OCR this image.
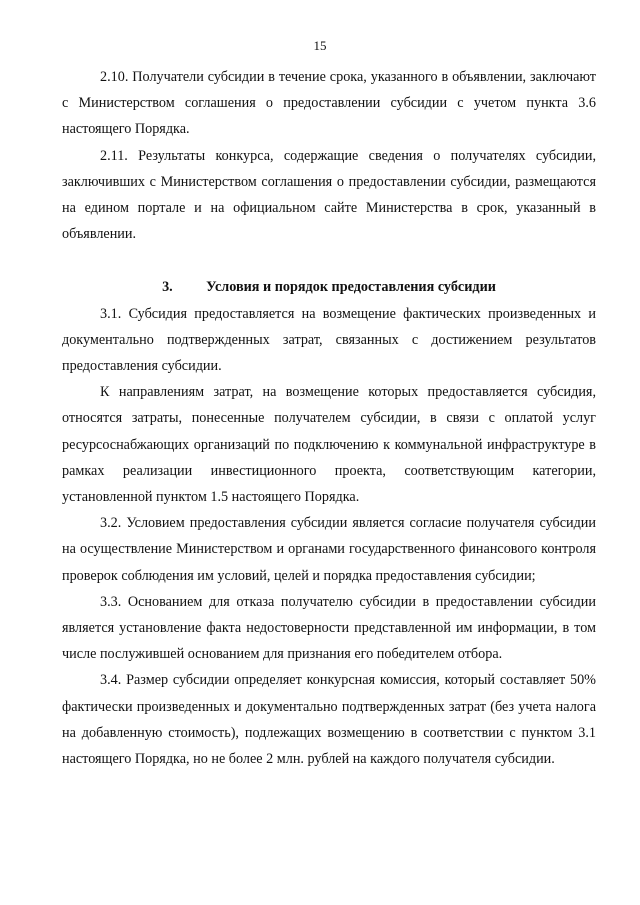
15

2.10. Получатели субсидии в течение срока, указанного в объявлении, заключают с Министерством соглашения о предоставлении субсидии с учетом пункта 3.6 настоящего Порядка.

2.11. Результаты конкурса, содержащие сведения о получателях субсидии, заключивших с Министерством соглашения о предоставлении субсидии, размещаются на едином портале и на официальном сайте Министерства в срок, указанный в объявлении.

3. Условия и порядок предоставления субсидии

3.1. Субсидия предоставляется на возмещение фактических произведенных и документально подтвержденных затрат, связанных с достижением результатов предоставления субсидии.

К направлениям затрат, на возмещение которых предоставляется субсидия, относятся затраты, понесенные получателем субсидии, в связи с оплатой услуг ресурсоснабжающих организаций по подключению к коммунальной инфраструктуре в рамках реализации инвестиционного проекта, соответствующим категории, установленной пунктом 1.5 настоящего Порядка.

3.2. Условием предоставления субсидии является согласие получателя субсидии на осуществление Министерством и органами государственного финансового контроля проверок соблюдения им условий, целей и порядка предоставления субсидии;

3.3. Основанием для отказа получателю субсидии в предоставлении субсидии является установление факта недостоверности представленной им информации, в том числе послужившей основанием для признания его победителем отбора.

3.4. Размер субсидии определяет конкурсная комиссия, который составляет 50% фактически произведенных и документально подтвержденных затрат (без учета налога на добавленную стоимость), подлежащих возмещению в соответствии с пунктом 3.1 настоящего Порядка, но не более 2 млн. рублей на каждого получателя субсидии.
